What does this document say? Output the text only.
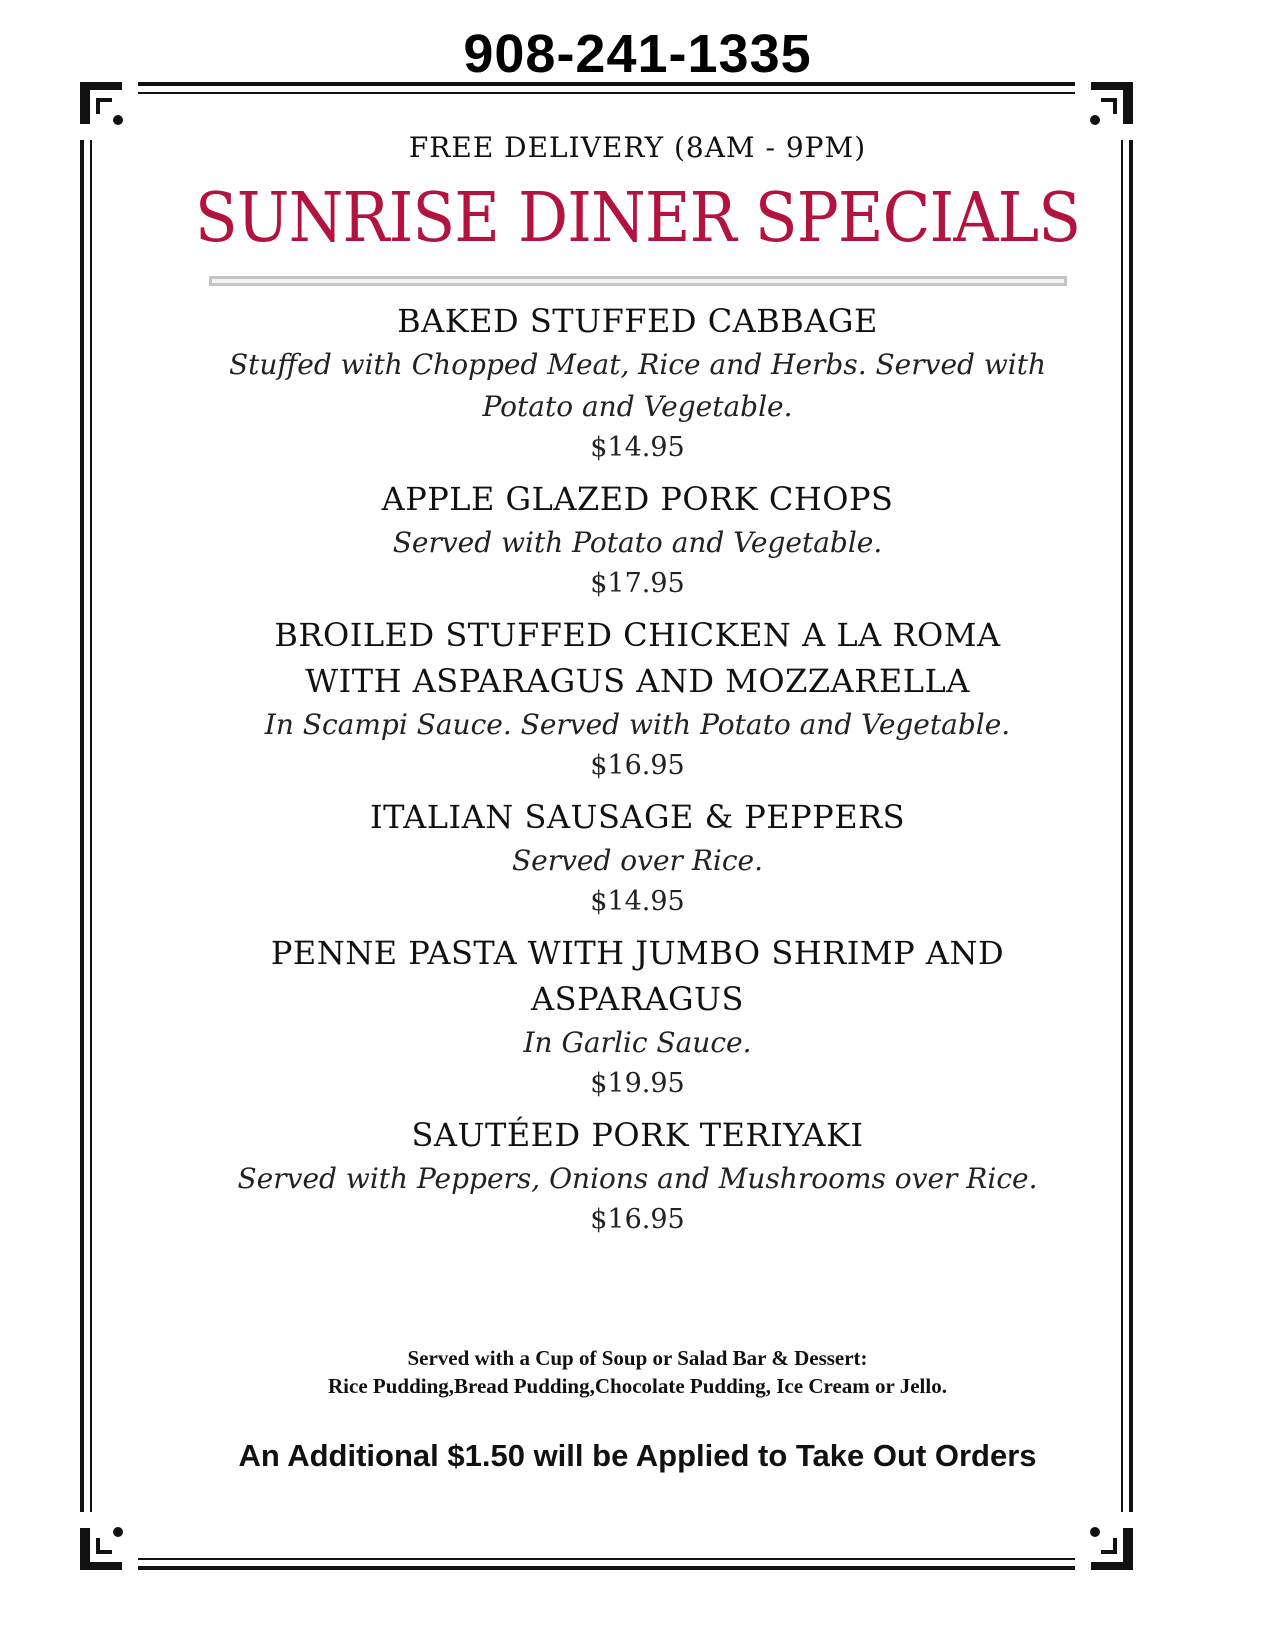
908-241-1335
FREE DELIVERY (8AM - 9PM)
SUNRISE DINER SPECIALS
BAKED STUFFED CABBAGE
Stuffed with Chopped Meat, Rice and Herbs. Served with Potato and Vegetable.
$14.95
APPLE GLAZED PORK CHOPS
Served with Potato and Vegetable.
$17.95
BROILED STUFFED CHICKEN A LA ROMA WITH ASPARAGUS AND MOZZARELLA
In Scampi Sauce. Served with Potato and Vegetable.
$16.95
ITALIAN SAUSAGE & PEPPERS
Served over Rice.
$14.95
PENNE PASTA WITH JUMBO SHRIMP AND ASPARAGUS
In Garlic Sauce.
$19.95
SAUTÉED PORK TERIYAKI
Served with Peppers, Onions and Mushrooms over Rice.
$16.95
Served with a Cup of Soup or Salad Bar & Dessert:
Rice Pudding,Bread Pudding,Chocolate Pudding, Ice Cream or Jello.
An Additional $1.50 will be Applied to Take Out Orders
